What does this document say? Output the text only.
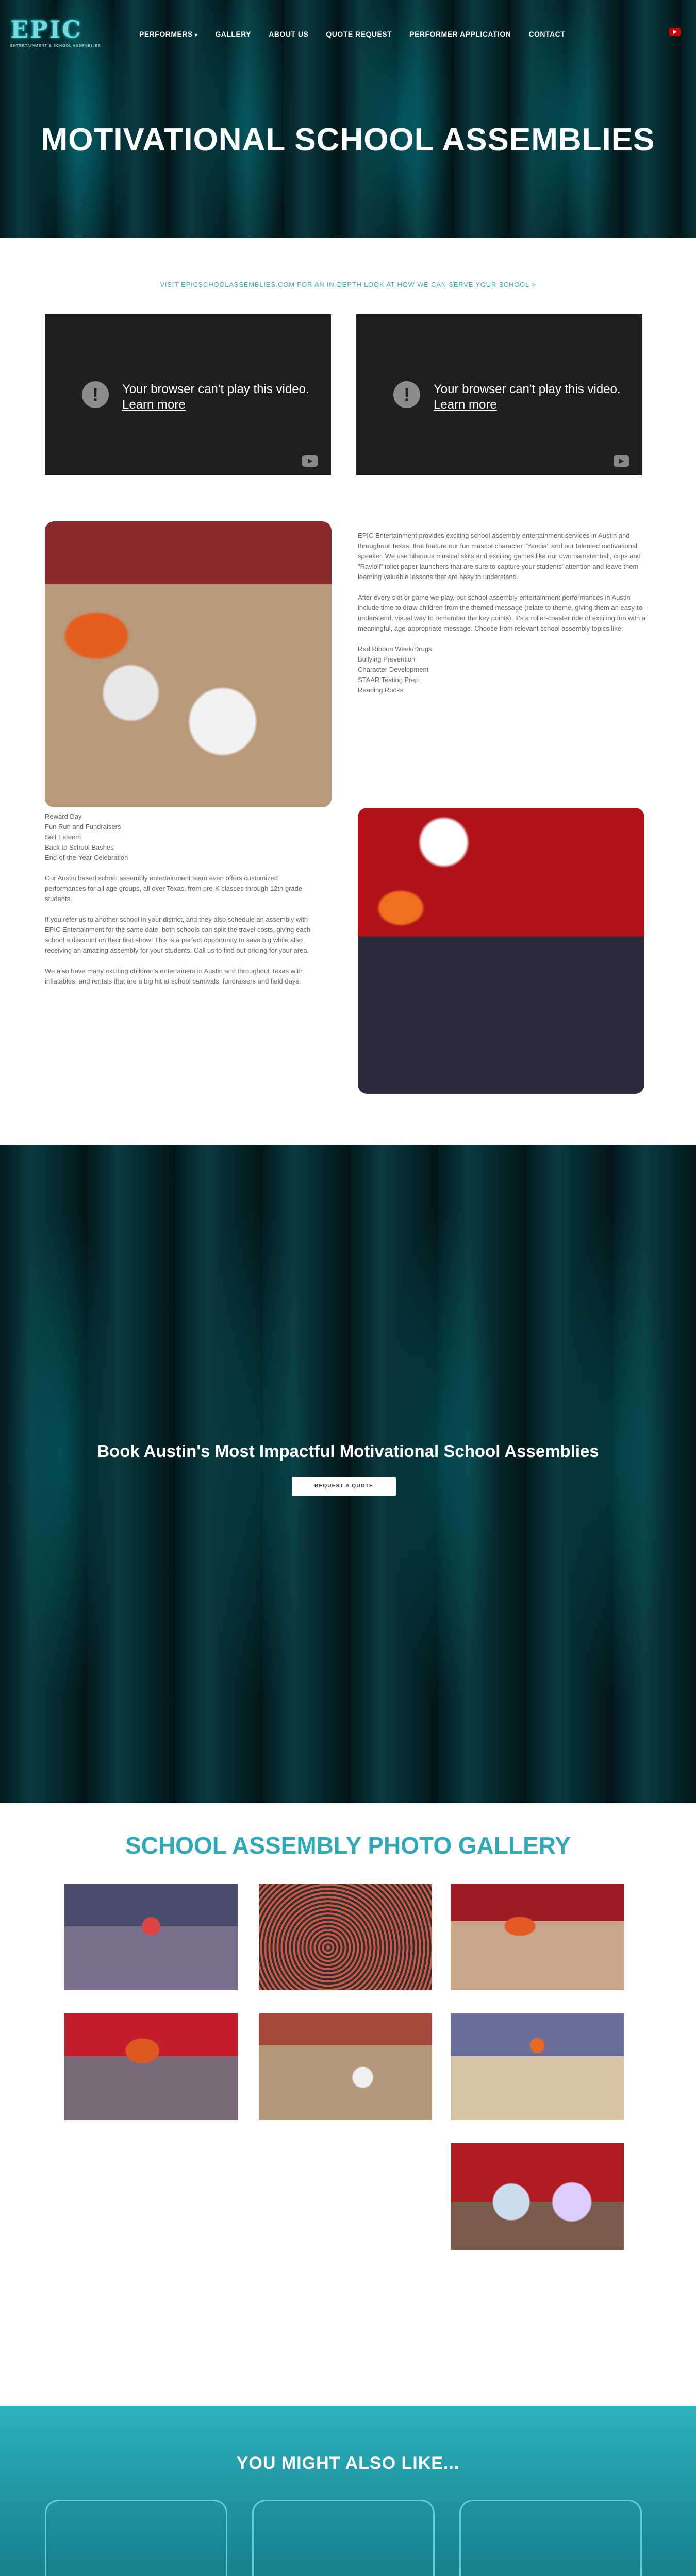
EPIC
ENTERTAINMENT & SCHOOL ASSEMBLIES
PERFORMERS ▾ GALLERY ABOUT US QUOTE REQUEST PERFORMER APPLICATION CONTACT
MOTIVATIONAL SCHOOL ASSEMBLIES
VISIT EPICSCHOOLASSEMBLIES.COM FOR AN IN-DEPTH LOOK AT HOW WE CAN SERVE YOUR SCHOOL >
!	Your browser can't play this video.
Learn more	!	Your browser can't play this video.
Learn more

EPIC Entertainment provides exciting school assembly entertainment services in Austin and throughout Texas, that feature our fun mascot character "Yaocia" and our talented motivational speaker. We use hilarious musical skits and exciting games like our own hamster ball, cups and "Ravioli" toilet paper launchers that are sure to capture your students' attention and leave them learning valuable lessons that are easy to understand.

After every skit or game we play, our school assembly entertainment performances in Austin include time to draw children from the themed message (relate to theme, giving them an easy-to-understand, visual way to remember the key points). It's a roller-coaster ride of exciting fun with a meaningful, age-appropriate message. Choose from relevant school assembly topics like:

Red Ribbon Week/Drugs
Bullying Prevention
Character Development
STAAR Testing Prep
Reading Rocks
Reward Day
Fun Run and Fundraisers
Self Esteem
Back to School Bashes
End-of-the-Year Celebration

Our Austin based school assembly entertainment team even offers customized performances for all age groups, all over Texas, from pre-K classes through 12th grade students.

If you refer us to another school in your district, and they also schedule an assembly with EPIC Entertainment for the same date, both schools can split the travel costs, giving each school a discount on their first show! This is a perfect opportunity to save big while also receiving an amazing assembly for your students. Call us to find out pricing for your area.

We also have many exciting children's entertainers in Austin and throughout Texas with inflatables, and rentals that are a big hit at school carnivals, fundraisers and field days.

Book Austin's Most Impactful Motivational School Assemblies
REQUEST A QUOTE
SCHOOL ASSEMBLY PHOTO GALLERY
YOU MIGHT ALSO LIKE...
